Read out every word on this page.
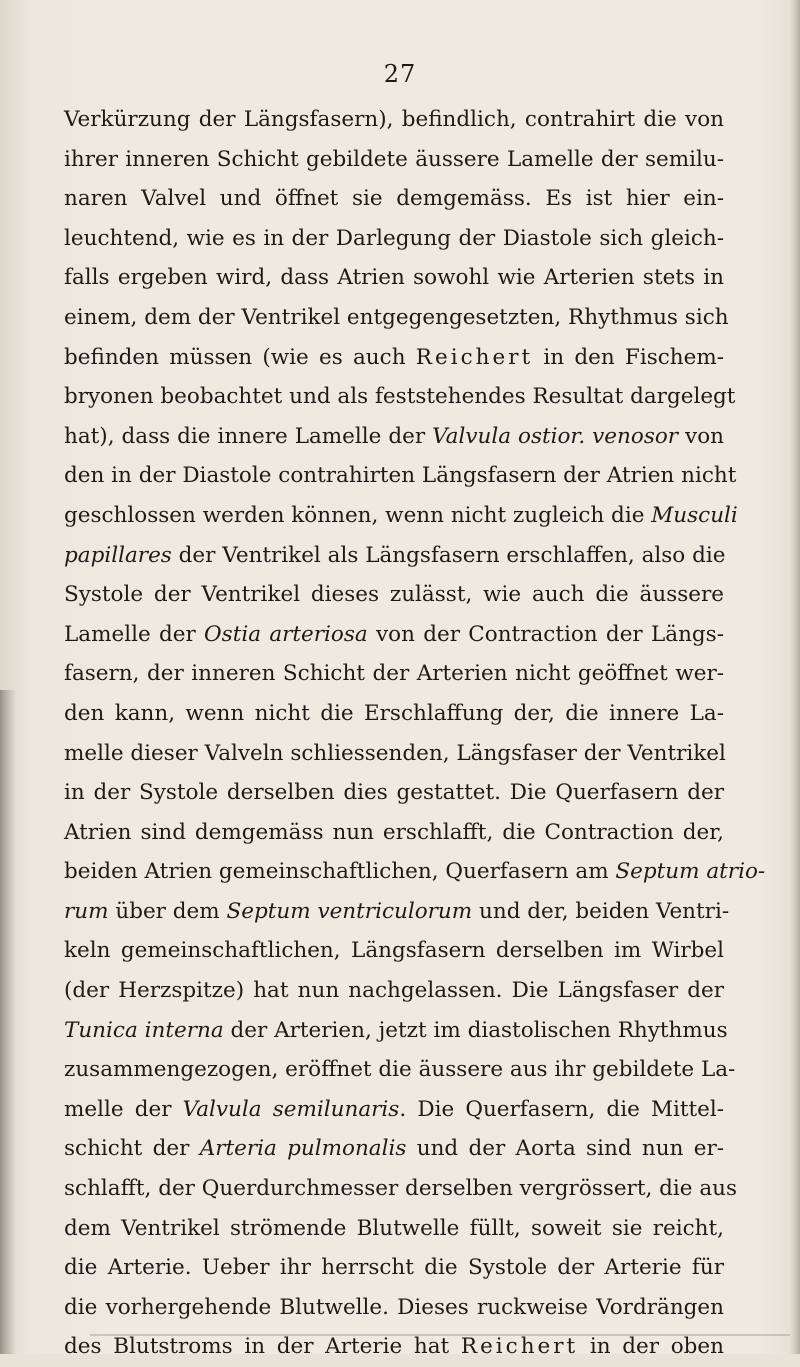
27
Verkürzung der Längsfasern), befindlich, contrahirt die von
ihrer inneren Schicht gebildete äussere Lamelle der semilu-
naren Valvel und öffnet sie demgemäss. Es ist hier ein-
leuchtend, wie es in der Darlegung der Diastole sich gleich-
falls ergeben wird, dass Atrien sowohl wie Arterien stets in
einem, dem der Ventrikel entgegengesetzten, Rhythmus sich
befinden müssen (wie es auch Reichert in den Fischem-
bryonen beobachtet und als feststehendes Resultat dargelegt
hat), dass die innere Lamelle der Valvula ostior. venosor von
den in der Diastole contrahirten Längsfasern der Atrien nicht
geschlossen werden können, wenn nicht zugleich die Musculi
papillares der Ventrikel als Längsfasern erschlaffen, also die
Systole der Ventrikel dieses zulässt, wie auch die äussere
Lamelle der Ostia arteriosa von der Contraction der Längs-
fasern, der inneren Schicht der Arterien nicht geöffnet wer-
den kann, wenn nicht die Erschlaffung der, die innere La-
melle dieser Valveln schliessenden, Längsfaser der Ventrikel
in der Systole derselben dies gestattet. Die Querfasern der
Atrien sind demgemäss nun erschlafft, die Contraction der,
beiden Atrien gemeinschaftlichen, Querfasern am Septum atrio-
rum über dem Septum ventriculorum und der, beiden Ventri-
keln gemeinschaftlichen, Längsfasern derselben im Wirbel
(der Herzspitze) hat nun nachgelassen. Die Längsfaser der
Tunica interna der Arterien, jetzt im diastolischen Rhythmus
zusammengezogen, eröffnet die äussere aus ihr gebildete La-
melle der Valvula semilunaris. Die Querfasern, die Mittel-
schicht der Arteria pulmonalis und der Aorta sind nun er-
schlafft, der Querdurchmesser derselben vergrössert, die aus
dem Ventrikel strömende Blutwelle füllt, soweit sie reicht,
die Arterie. Ueber ihr herrscht die Systole der Arterie für
die vorhergehende Blutwelle. Dieses ruckweise Vordrängen
des Blutstroms in der Arterie hat Reichert in der oben
